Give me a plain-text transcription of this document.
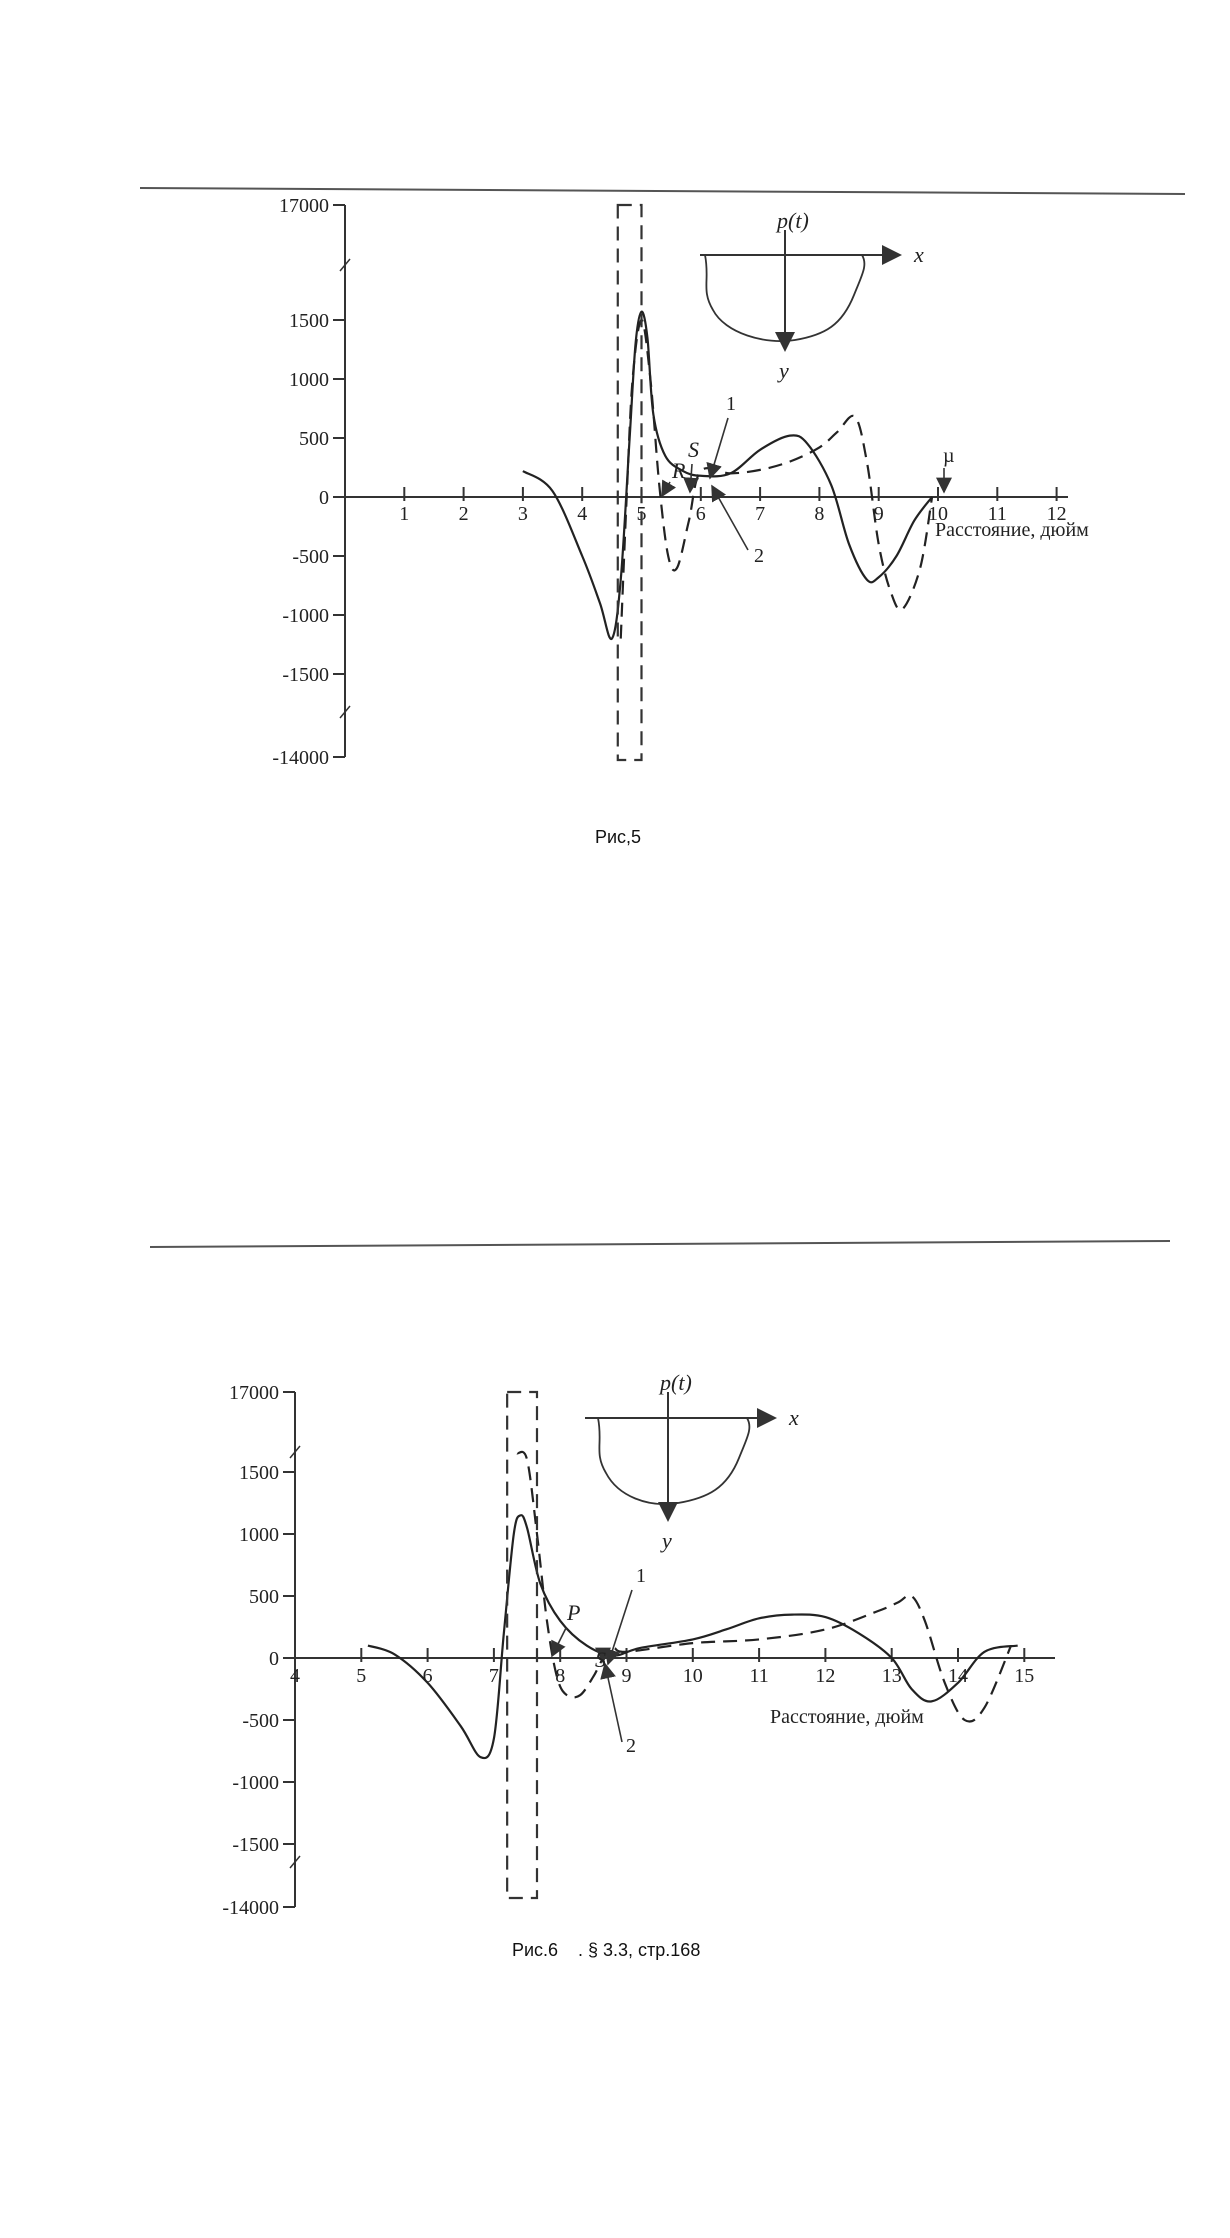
17000
1500
1000
500
0
-500
-1000
-1500
-14000
1 2 3 4 5 6 7 8 9 10 11 12
Расстояние, дюйм
p(t)
x
y
R
S
1
2
µ
17000
1500
1000
500
0
-500
-1000
-1500
-14000
4	5	6	7	8	9	10 11 12 13 14 15
Расстояние, дюйм
p(t)
x
y
P
S
1
2
Рис,5
Рис.6 . § 3.3, стр.168
